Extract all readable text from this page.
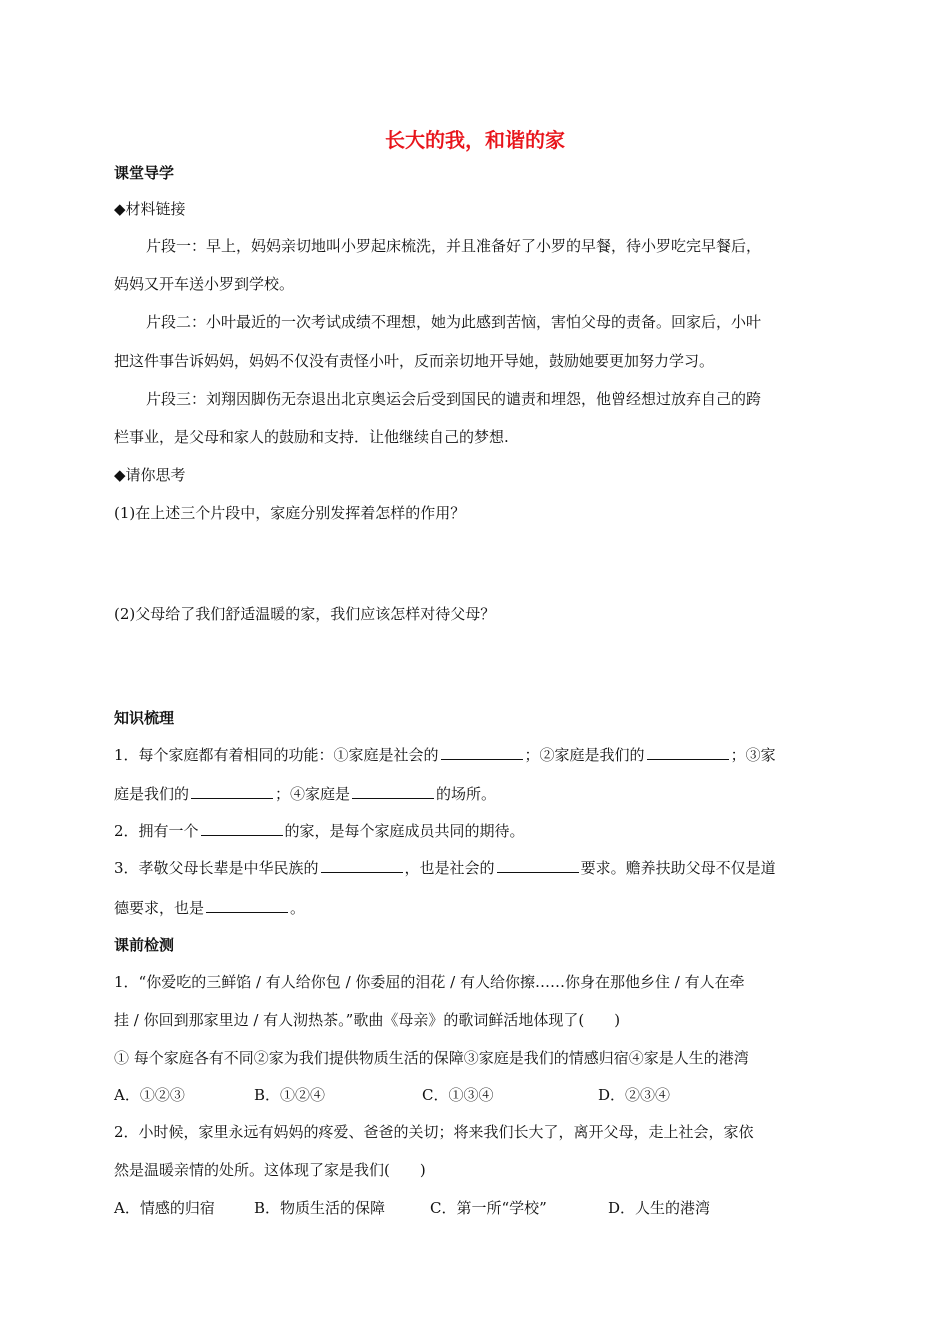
长大的我，和谐的家
课堂导学
◆材料链接
片段一：早上，妈妈亲切地叫小罗起床梳洗，并且准备好了小罗的早餐，待小罗吃完早餐后，
妈妈又开车送小罗到学校。
片段二：小叶最近的一次考试成绩不理想，她为此感到苦恼，害怕父母的责备。回家后，小叶
把这件事告诉妈妈，妈妈不仅没有责怪小叶，反而亲切地开导她，鼓励她要更加努力学习。
片段三：刘翔因脚伤无奈退出北京奥运会后受到国民的谴责和埋怨，他曾经想过放弃自己的跨
栏事业，是父母和家人的鼓励和支持．让他继续自己的梦想.
◆请你思考
(1)在上述三个片段中，家庭分别发挥着怎样的作用？
(2)父母给了我们舒适温暖的家，我们应该怎样对待父母？
知识梳理
1．每个家庭都有着相同的功能：①家庭是社会的	；②家庭是我们的	；③家
庭是我们的	；④家庭是	的场所。
2．拥有一个	的家，是每个家庭成员共同的期待。
3．孝敬父母长辈是中华民族的	，也是社会的	要求。赡养扶助父母不仅是道
德要求，也是	。
课前检测
1．“你爱吃的三鲜馅 / 有人给你包 / 你委屈的泪花 / 有人给你擦……你身在那他乡住 / 有人在牵
挂 / 你回到那家里边 / 有人沏热茶。”歌曲《母亲》的歌词鲜活地体现了(　　)
① 每个家庭各有不同②家为我们提供物质生活的保障③家庭是我们的情感归宿④家是人生的港湾
A．①②③	B．①②④	C．①③④	D．②③④
2．小时候，家里永远有妈妈的疼爱、爸爸的关切；将来我们长大了，离开父母，走上社会，家依
然是温暖亲情的处所。这体现了家是我们(　　)
A．情感的归宿	B．物质生活的保障	C．第一所“学校”	D．人生的港湾
